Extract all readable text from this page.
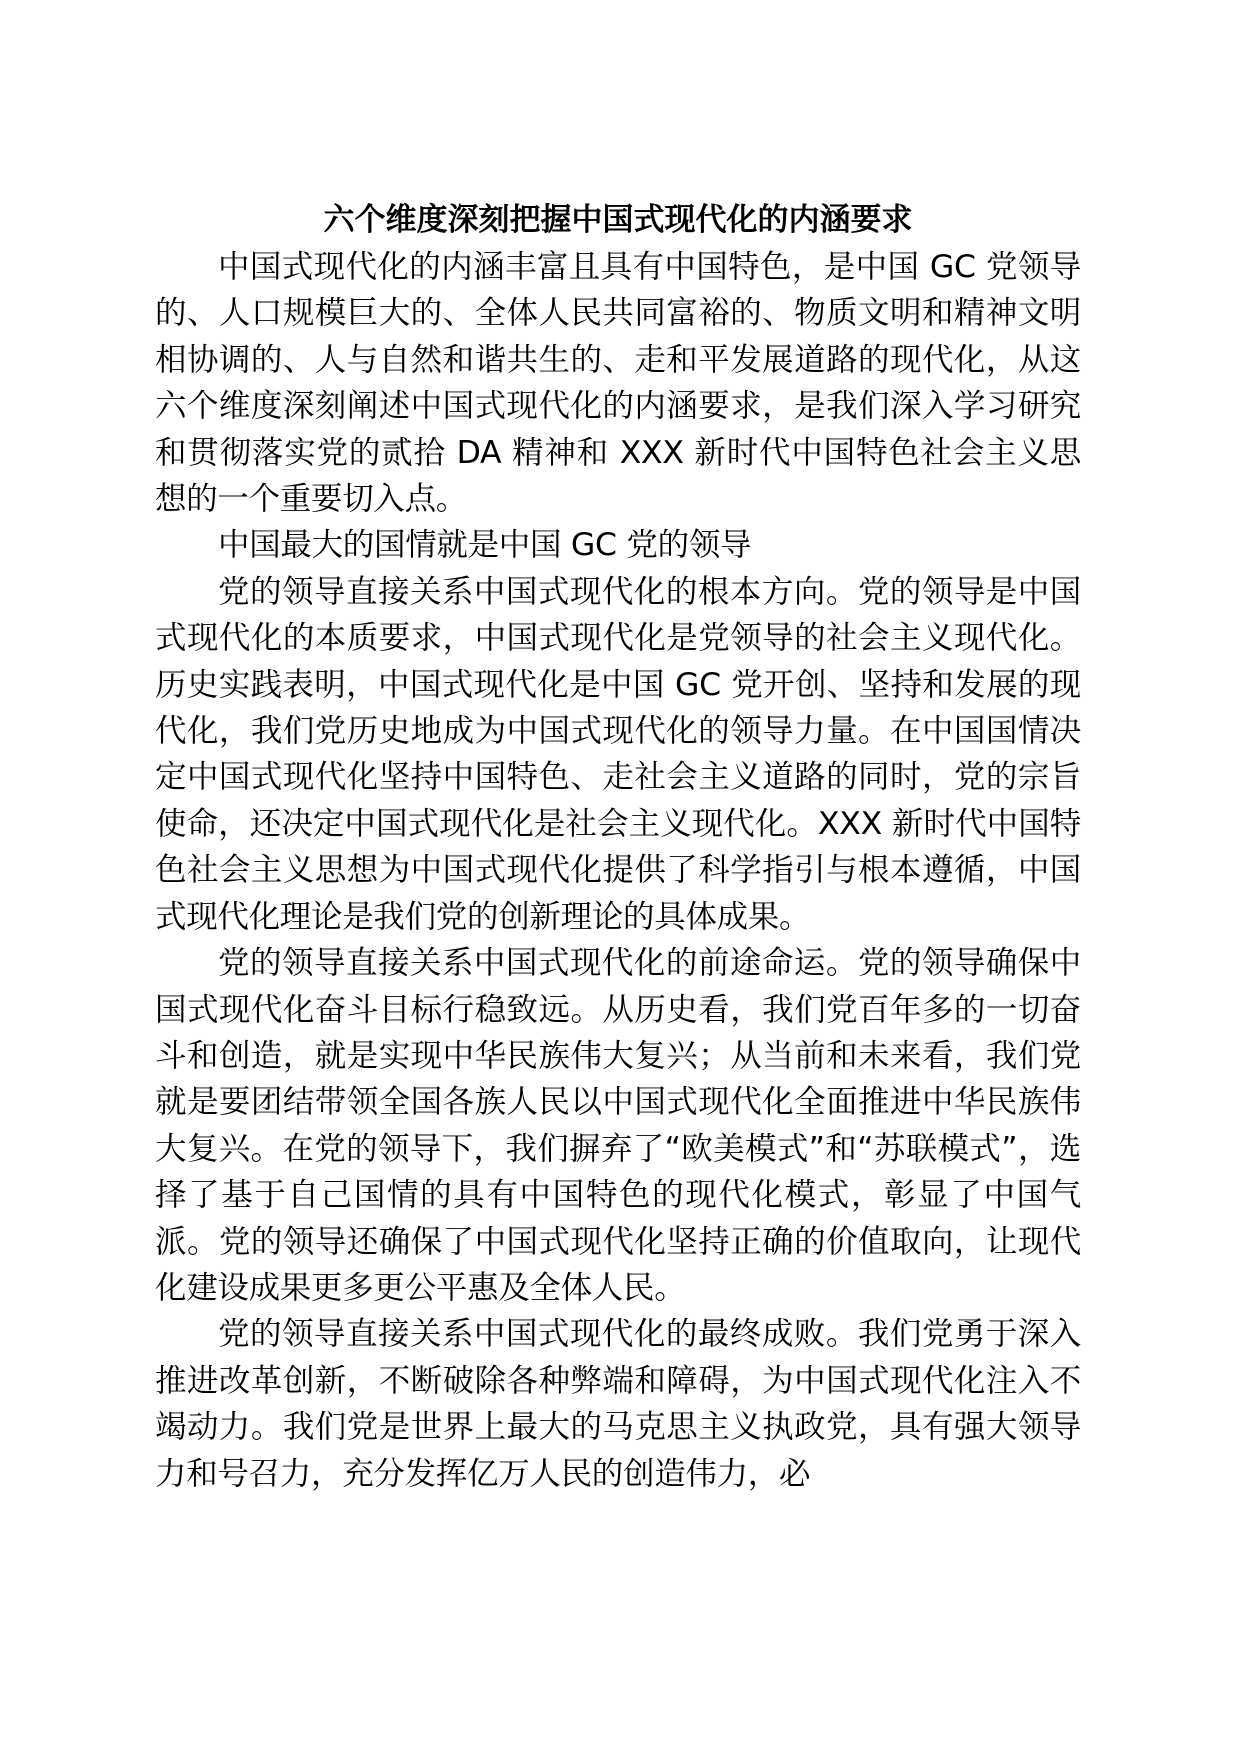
六个维度深刻把握中国式现代化的内涵要求

中国式现代化的内涵丰富且具有中国特色，是中国 GC 党领导的、人口规模巨大的、全体人民共同富裕的、物质文明和精神文明相协调的、人与自然和谐共生的、走和平发展道路的现代化，从这六个维度深刻阐述中国式现代化的内涵要求，是我们深入学习研究和贯彻落实党的贰拾 DA 精神和 XXX 新时代中国特色社会主义思想的一个重要切入点。

中国最大的国情就是中国 GC 党的领导

党的领导直接关系中国式现代化的根本方向。党的领导是中国式现代化的本质要求，中国式现代化是党领导的社会主义现代化。历史实践表明，中国式现代化是中国 GC 党开创、坚持和发展的现代化，我们党历史地成为中国式现代化的领导力量。在中国国情决定中国式现代化坚持中国特色、走社会主义道路的同时，党的宗旨使命，还决定中国式现代化是社会主义现代化。XXX 新时代中国特色社会主义思想为中国式现代化提供了科学指引与根本遵循，中国式现代化理论是我们党的创新理论的具体成果。

党的领导直接关系中国式现代化的前途命运。党的领导确保中国式现代化奋斗目标行稳致远。从历史看，我们党百年多的一切奋斗和创造，就是实现中华民族伟大复兴；从当前和未来看，我们党就是要团结带领全国各族人民以中国式现代化全面推进中华民族伟大复兴。在党的领导下，我们摒弃了“欧美模式”和“苏联模式”，选择了基于自己国情的具有中国特色的现代化模式，彰显了中国气派。党的领导还确保了中国式现代化坚持正确的价值取向，让现代化建设成果更多更公平惠及全体人民。

党的领导直接关系中国式现代化的最终成败。我们党勇于深入推进改革创新，不断破除各种弊端和障碍，为中国式现代化注入不竭动力。我们党是世界上最大的马克思主义执政党，具有强大领导力和号召力，充分发挥亿万人民的创造伟力，必
